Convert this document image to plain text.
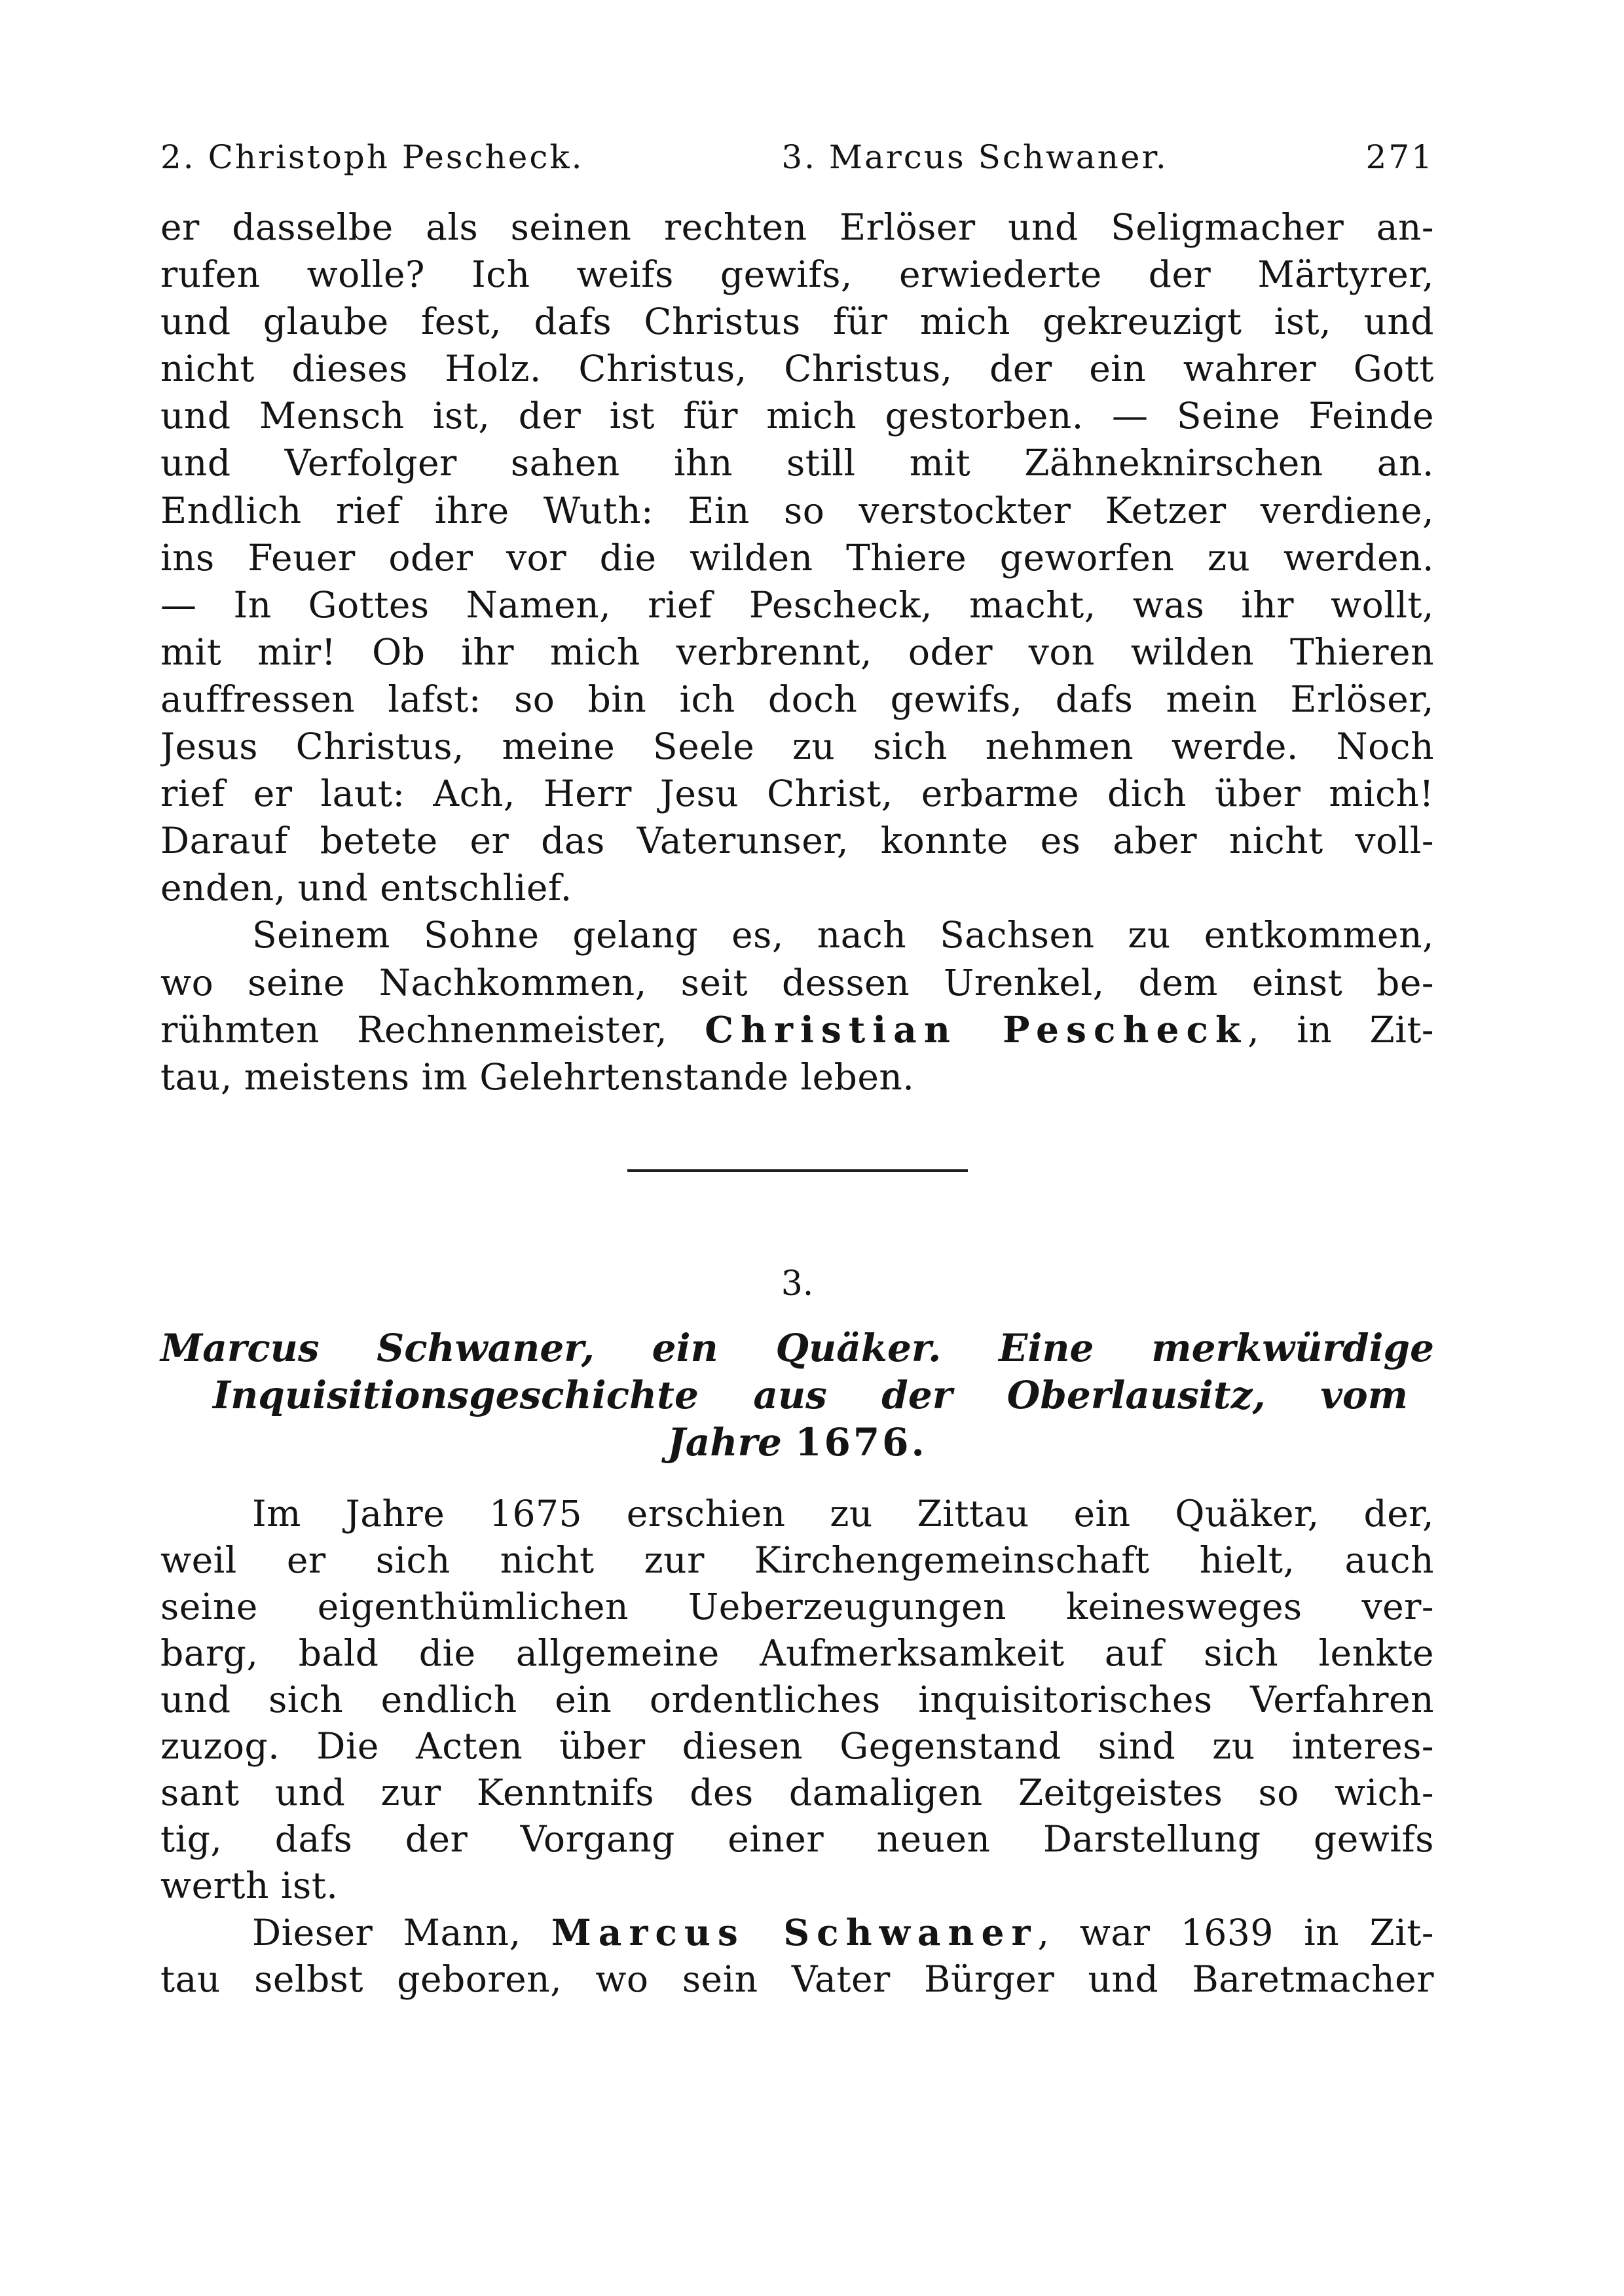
2. Christoph Pescheck.	3. Marcus Schwaner.	271
er dasselbe als seinen rechten Erlöser und Seligmacher an-
rufen wolle? Ich weifs gewifs, erwiederte der Märtyrer,
und glaube fest, dafs Christus für mich gekreuzigt ist, und
nicht dieses Holz. Christus, Christus, der ein wahrer Gott
und Mensch ist, der ist für mich gestorben. — Seine Feinde
und Verfolger sahen ihn still mit Zähneknirschen an.
Endlich rief ihre Wuth: Ein so verstockter Ketzer verdiene,
ins Feuer oder vor die wilden Thiere geworfen zu werden.
— In Gottes Namen, rief Pescheck, macht, was ihr wollt,
mit mir! Ob ihr mich verbrennt, oder von wilden Thieren
auffressen lafst: so bin ich doch gewifs, dafs mein Erlöser,
Jesus Christus, meine Seele zu sich nehmen werde. Noch
rief er laut: Ach, Herr Jesu Christ, erbarme dich über mich!
Darauf betete er das Vaterunser, konnte es aber nicht voll-
enden, und entschlief.
Seinem Sohne gelang es, nach Sachsen zu entkommen,
wo seine Nachkommen, seit dessen Urenkel, dem einst be-
rühmten Rechnenmeister, Christian Pescheck, in Zit-
tau, meistens im Gelehrtenstande leben.
3.
Marcus Schwaner, ein Quäker. Eine merkwürdige
Inquisitionsgeschichte aus der Oberlausitz, vom
Jahre 1676.
Im Jahre 1675 erschien zu Zittau ein Quäker, der,
weil er sich nicht zur Kirchengemeinschaft hielt, auch
seine eigenthümlichen Ueberzeugungen keinesweges ver-
barg, bald die allgemeine Aufmerksamkeit auf sich lenkte
und sich endlich ein ordentliches inquisitorisches Verfahren
zuzog. Die Acten über diesen Gegenstand sind zu interes-
sant und zur Kenntnifs des damaligen Zeitgeistes so wich-
tig, dafs der Vorgang einer neuen Darstellung gewifs
werth ist.
Dieser Mann, Marcus Schwaner, war 1639 in Zit-
tau selbst geboren, wo sein Vater Bürger und Baretmacher
